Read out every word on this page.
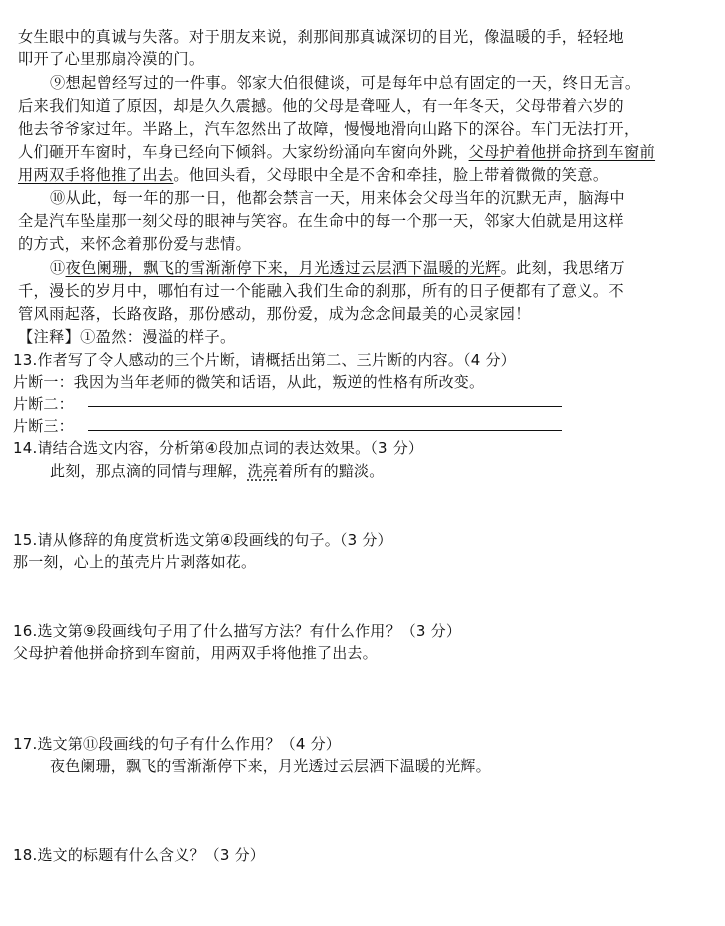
女生眼中的真诚与失落。对于朋友来说，刹那间那真诚深切的目光，像温暖的手，轻轻地
叩开了心里那扇冷漠的门。
⑨想起曾经写过的一件事。邻家大伯很健谈，可是每年中总有固定的一天，终日无言。
后来我们知道了原因，却是久久震撼。他的父母是聋哑人，有一年冬天，父母带着六岁的
他去爷爷家过年。半路上，汽车忽然出了故障，慢慢地滑向山路下的深谷。车门无法打开，
人们砸开车窗时，车身已经向下倾斜。大家纷纷涌向车窗向外跳，父母护着他拼命挤到车窗前
用两双手将他推了出去。他回头看，父母眼中全是不舍和牵挂，脸上带着微微的笑意。
⑩从此，每一年的那一日，他都会禁言一天，用来体会父母当年的沉默无声，脑海中
全是汽车坠崖那一刻父母的眼神与笑容。在生命中的每一个那一天，邻家大伯就是用这样
的方式，来怀念着那份爱与悲情。
⑪夜色阑珊，飘飞的雪渐渐停下来，月光透过云层洒下温暖的光辉。此刻，我思绪万
千，漫长的岁月中，哪怕有过一个能融入我们生命的刹那，所有的日子便都有了意义。不
管风雨起落，长路夜路，那份感动，那份爱，成为念念间最美的心灵家园！
【注释】①盈然：漫溢的样子。
13.作者写了令人感动的三个片断，请概括出第二、三片断的内容。（4 分）
片断一：我因为当年老师的微笑和话语，从此，叛逆的性格有所改变。
片断二：
片断三：
14.请结合选文内容，分析第④段加点词的表达效果。（3 分）
此刻，那点滴的同情与理解，洗亮着所有的黯淡。
15.请从修辞的角度赏析选文第④段画线的句子。（3 分）
那一刻，心上的茧壳片片剥落如花。
16.选文第⑨段画线句子用了什么描写方法？有什么作用？（3 分）
父母护着他拼命挤到车窗前，用两双手将他推了出去。
17.选文第⑪段画线的句子有什么作用？（4 分）
夜色阑珊，飘飞的雪渐渐停下来，月光透过云层洒下温暖的光辉。
18.选文的标题有什么含义？（3 分）
